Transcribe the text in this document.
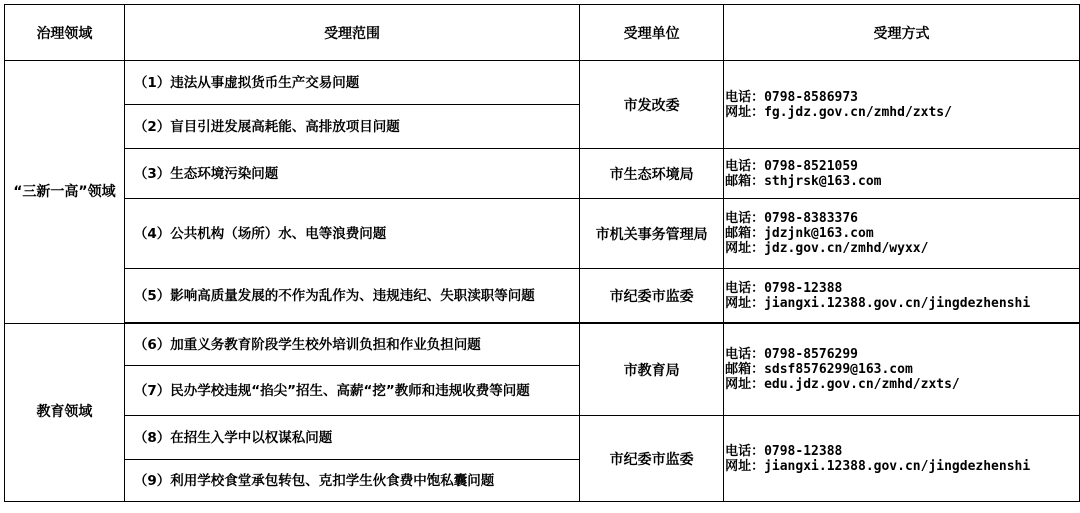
治理领域	受理范围	受理单位	受理方式
“三新一高”领域	（1）违法从事虚拟货币生产交易问题	市发改委	电话：0798-8586973
网址：fg.jdz.gov.cn/zmhd/zxts/

	（2）盲目引进发展高耗能、高排放项目问题		
	（3）生态环境污染问题	市生态环境局	电话：0798-8521059
邮箱：sthjrsk@163.com

	（4）公共机构（场所）水、电等浪费问题	市机关事务管理局	电话：0798-8383376
邮箱：jdzjnk@163.com
网址：jdz.gov.cn/zmhd/wyxx/

	（5）影响高质量发展的不作为乱作为、违规违纪、失职渎职等问题	市纪委市监委	电话：0798-12388
网址：jiangxi.12388.gov.cn/jingdezhenshi

教育领域	（6）加重义务教育阶段学生校外培训负担和作业负担问题	市教育局	电话：0798-8576299
邮箱：sdsf8576299@163.com
网址：edu.jdz.gov.cn/zmhd/zxts/

	（7）民办学校违规“掐尖”招生、高薪“挖”教师和违规收费等问题		
	（8）在招生入学中以权谋私问题	市纪委市监委	电话：0798-12388
网址：jiangxi.12388.gov.cn/jingdezhenshi

	（9）利用学校食堂承包转包、克扣学生伙食费中饱私囊问题		
